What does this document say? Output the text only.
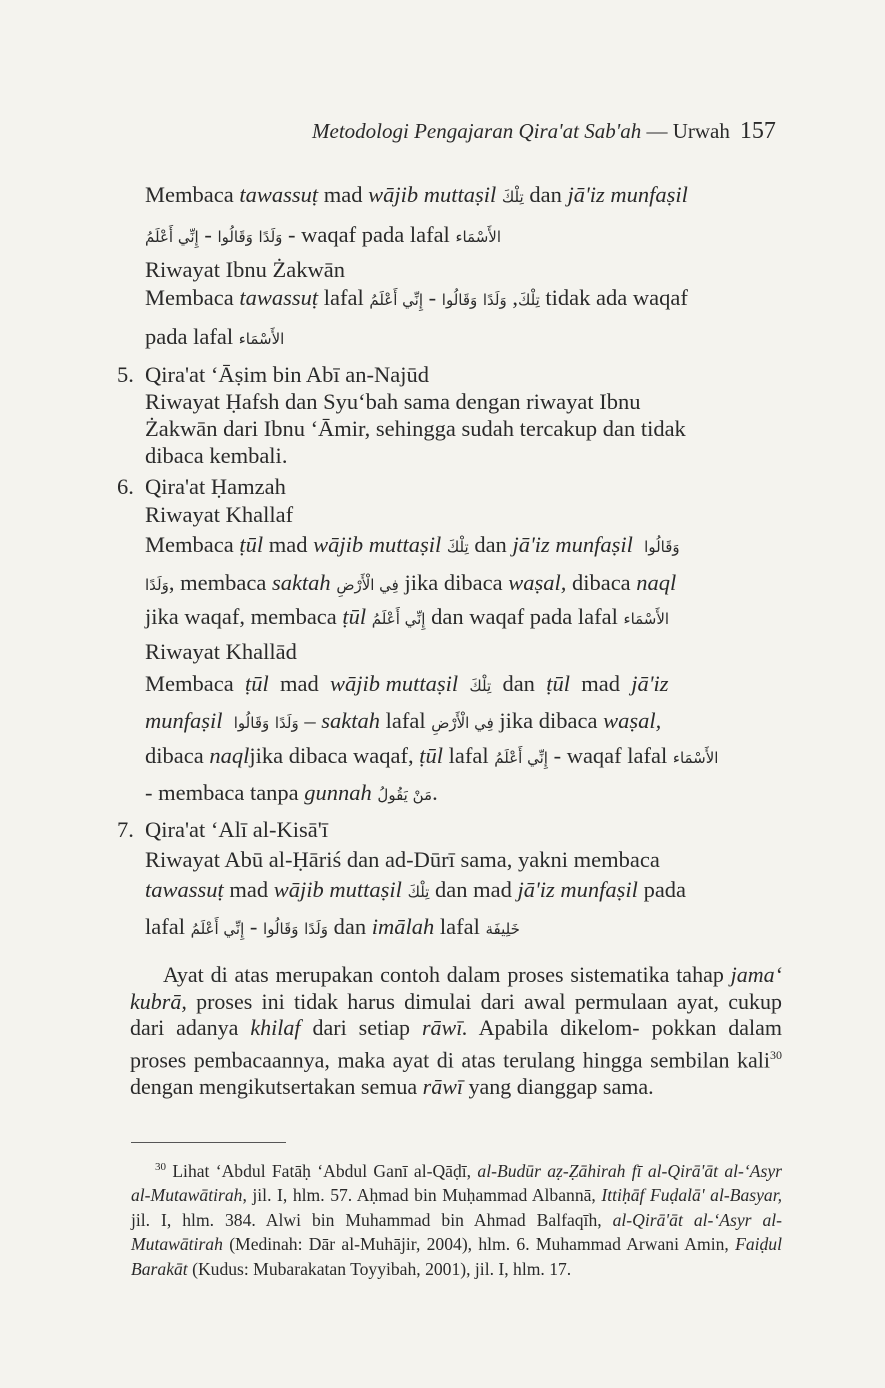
Metodologi Pengajaran Qira'at Sab'ah — Urwah 157
Membaca tawassuṭ mad wājib muttaṣil تِلْكَ dan jā'iz munfaṣil
وَلَدًا وَقَالُوا - إِنِّي أَعْلَمُ	- waqaf pada lafal الأَسْمَاء
Riwayat Ibnu Żakwān
Membaca tawassuṭ lafal	تِلْكَ, وَلَدًا وَقَالُوا - إِنِّي أَعْلَمُ	tidak ada waqaf
pada lafal الأَسْمَاء
5. Qira'at ‘Āṣim bin Abī an-Najūd
Riwayat Ḥafsh dan Syu‘bah sama dengan riwayat Ibnu
Żakwān dari Ibnu ‘Āmir, sehingga sudah tercakup dan tidak
dibaca kembali.
6. Qira'at Ḥamzah
Riwayat Khallaf
Membaca ṭūl mad wājib muttaṣil تِلْكَ dan jā'iz munfaṣil وَقَالُوا
وَلَدًا, membaca saktah فِي الْأَرْضِ jika dibaca waṣal, dibaca naql
jika waqaf, membaca ṭūl إِنِّي أَعْلَمُ dan waqaf pada lafal الأَسْمَاء
Riwayat Khallād
Membaca ṭūl mad wājib muttaṣil تِلْكَ dan ṭūl mad jā'iz
munfaṣil	وَلَدًا وَقَالُوا – saktah lafal فِي الْأَرْضِ jika dibaca waṣal,
dibaca naqljika dibaca waqaf, ṭūl lafal إِنِّي أَعْلَمُ - waqaf lafal الأَسْمَاء
- membaca tanpa gunnah مَنْ يَقُولُ.
7. Qira'at ‘Alī al-Kisā'ī
Riwayat Abū al-Ḥāriś dan ad-Dūrī sama, yakni membaca
tawassuṭ mad wājib muttaṣil تِلْكَ dan mad jā'iz munfaṣil pada
lafal	وَلَدًا وَقَالُوا - إِنِّي أَعْلَمُ	dan imālah lafal خَلِيفَة
Ayat di atas merupakan contoh dalam proses sistematika tahap jama‘ kubrā, proses ini tidak harus dimulai dari awal permulaan ayat, cukup dari adanya khilaf dari setiap rāwī. Apabila dikelom- pokkan dalam proses pembacaannya, maka ayat di atas terulang hingga sembilan kali$^{30}$ dengan mengikutsertakan semua rāwī yang dianggap sama.
$^{30}$ Lihat ‘Abdul Fatāḥ ‘Abdul Ganī al-Qāḍī, al-Budūr aẓ-Ẓāhirah fī al-Qirā'āt al-‘Asyr al-Mutawātirah, jil. I, hlm. 57. Aḥmad bin Muḥammad Albannā, Ittiḥāf Fuḍalā' al-Basyar, jil. I, hlm. 384. Alwi bin Muhammad bin Ahmad Balfaqīh, al-Qirā'āt al-‘Asyr al-Mutawātirah (Medinah: Dār al-Muhājir, 2004), hlm. 6. Muhammad Arwani Amin, Faiḍul Barakāt (Kudus: Mubarakatan Toyyibah, 2001), jil. I, hlm. 17.
